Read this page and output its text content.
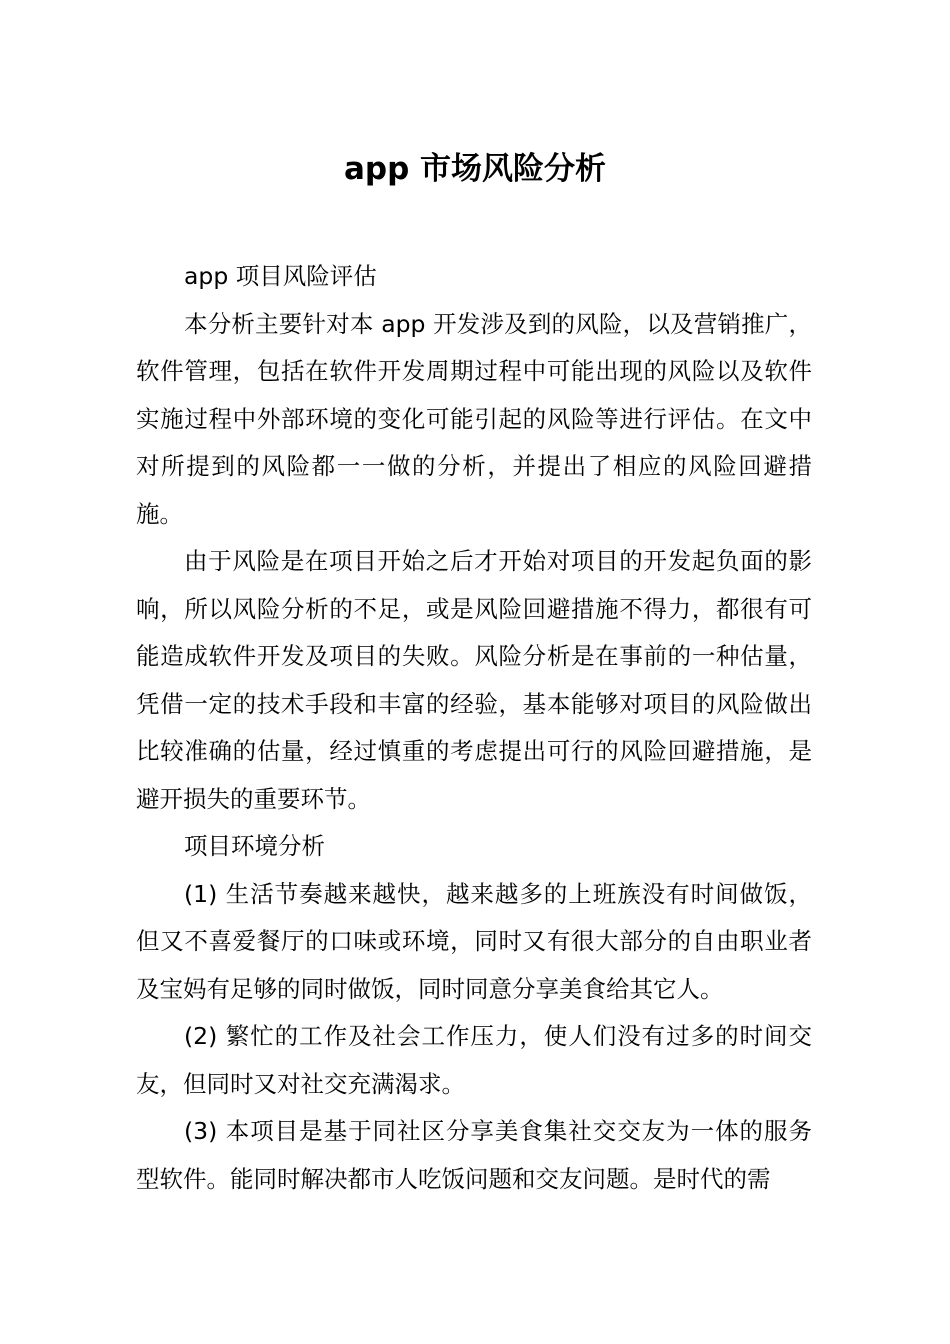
app 市场风险分析

app 项目风险评估

本分析主要针对本 app 开发涉及到的风险，以及营销推广，软件管理，包括在软件开发周期过程中可能出现的风险以及软件实施过程中外部环境的变化可能引起的风险等进行评估。在文中对所提到的风险都一一做的分析，并提出了相应的风险回避措施。

由于风险是在项目开始之后才开始对项目的开发起负面的影响，所以风险分析的不足，或是风险回避措施不得力，都很有可能造成软件开发及项目的失败。风险分析是在事前的一种估量，凭借一定的技术手段和丰富的经验，基本能够对项目的风险做出比较准确的估量，经过慎重的考虑提出可行的风险回避措施，是避开损失的重要环节。

项目环境分析

(1) 生活节奏越来越快，越来越多的上班族没有时间做饭，但又不喜爱餐厅的口味或环境，同时又有很大部分的自由职业者及宝妈有足够的同时做饭，同时同意分享美食给其它人。

(2) 繁忙的工作及社会工作压力，使人们没有过多的时间交友，但同时又对社交充满渴求。

(3) 本项目是基于同社区分享美食集社交交友为一体的服务型软件。能同时解决都市人吃饭问题和交友问题。是时代的需
